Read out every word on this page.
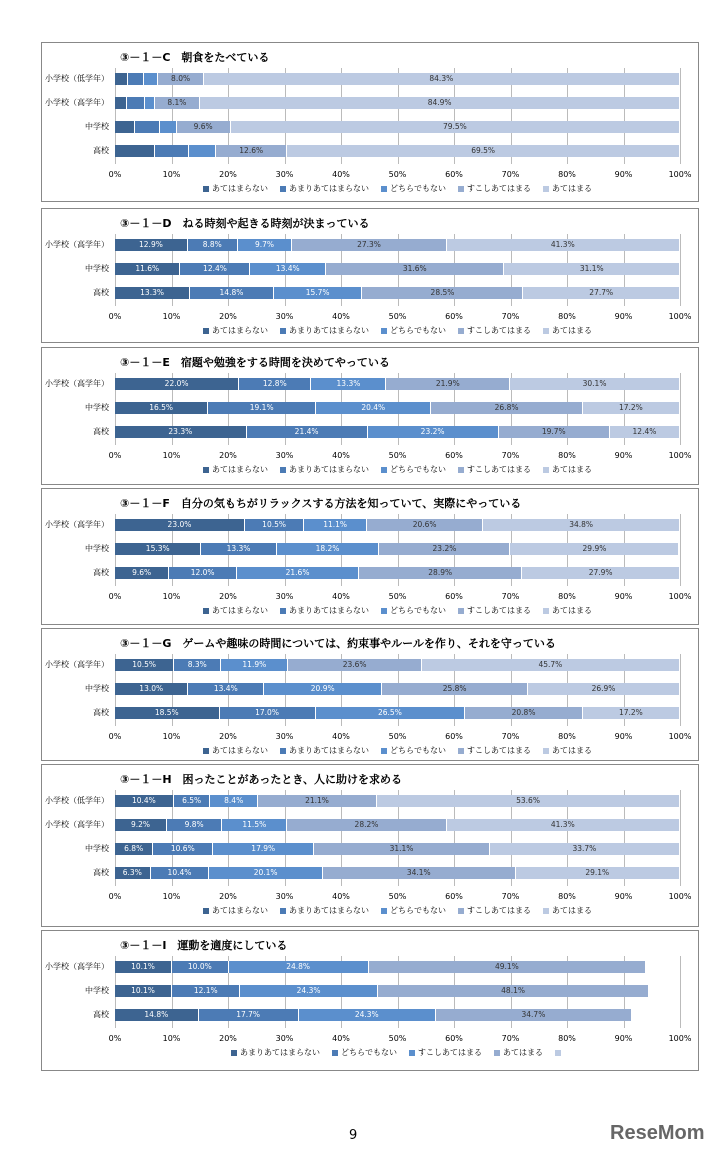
③－１－C　朝食をたべている
0%	10%	20%	30%	40%	50%	60%	70%	80%	90%	100%
小学校（低学年）	8.0%	84.3%
小学校（高学年）	8.1%	84.9%
中学校	9.6%	79.5%
高校	12.6%	69.5%
あてはまらない	あまりあてはまらない	どちらでもない	すこしあてはまる	あてはまる
③－１－D　ねる時刻や起きる時刻が決まっている
0%	10%	20%	30%	40%	50%	60%	70%	80%	90%	100%
小学校（高学年）	12.9%	8.8%	9.7%	27.3%	41.3%
中学校	11.6%	12.4%	13.4%	31.6%	31.1%
高校	13.3%	14.8%	15.7%	28.5%	27.7%
あてはまらない	あまりあてはまらない	どちらでもない	すこしあてはまる	あてはまる
③－１－E　宿題や勉強をする時間を決めてやっている
0%	10%	20%	30%	40%	50%	60%	70%	80%	90%	100%
小学校（高学年）	22.0%	12.8%	13.3%	21.9%	30.1%
中学校	16.5%	19.1%	20.4%	26.8%	17.2%
高校	23.3%	21.4%	23.2%	19.7%	12.4%
あてはまらない	あまりあてはまらない	どちらでもない	すこしあてはまる	あてはまる
③－１－F　自分の気もちがリラックスする方法を知っていて、実際にやっている
0%	10%	20%	30%	40%	50%	60%	70%	80%	90%	100%
小学校（高学年）	23.0%	10.5%	11.1%	20.6%	34.8%
中学校	15.3%	13.3%	18.2%	23.2%	29.9%
高校	9.6%	12.0%	21.6%	28.9%	27.9%
あてはまらない	あまりあてはまらない	どちらでもない	すこしあてはまる	あてはまる
③－１－G　ゲームや趣味の時間については、約束事やルールを作り、それを守っている
0%	10%	20%	30%	40%	50%	60%	70%	80%	90%	100%
小学校（高学年）	10.5%	8.3%	11.9%	23.6%	45.7%
中学校	13.0%	13.4%	20.9%	25.8%	26.9%
高校	18.5%	17.0%	26.5%	20.8%	17.2%
あてはまらない	あまりあてはまらない	どちらでもない	すこしあてはまる	あてはまる
③－１－H　困ったことがあったとき、人に助けを求める
0%	10%	20%	30%	40%	50%	60%	70%	80%	90%	100%
小学校（低学年）	10.4%	6.5%	8.4%	21.1%	53.6%
小学校（高学年）	9.2%	9.8%	11.5%	28.2%	41.3%
中学校	6.8%	10.6%	17.9%	31.1%	33.7%
高校	6.3%	10.4%	20.1%	34.1%	29.1%
あてはまらない	あまりあてはまらない	どちらでもない	すこしあてはまる	あてはまる
③－１－I　運動を適度にしている
0%	10%	20%	30%	40%	50%	60%	70%	80%	90%	100%
小学校（高学年）	10.1%	10.0%	24.8%	49.1%
中学校	10.1%	12.1%	24.3%	48.1%
高校	14.8%	17.7%	24.3%	34.7%
あまりあてはまらない	どちらでもない	すこしあてはまる	あてはまる
9	ReseMom
